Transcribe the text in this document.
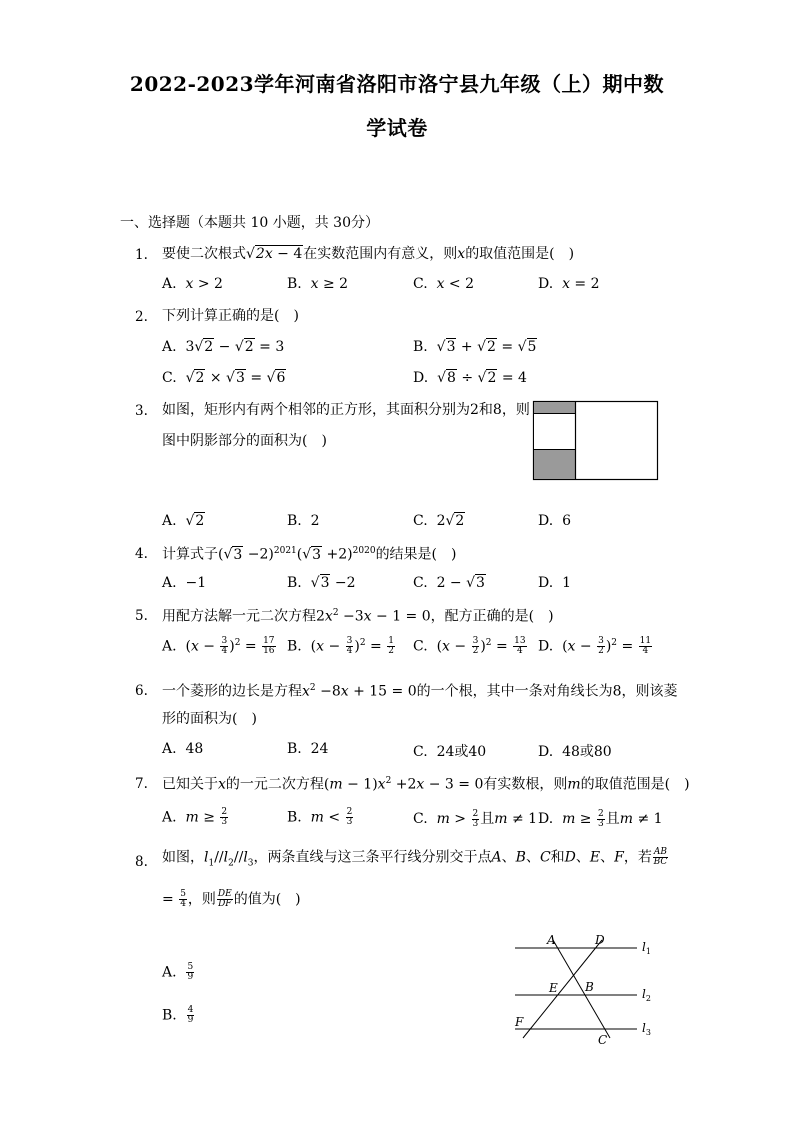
2022-2023学年河南省洛阳市洛宁县九年级（上）期中数
学试卷
一、选择题（本题共 10 小题，共 30分）
1. 要使二次根式√2x − 4在实数范围内有意义，则x的取值范围是(　)
A.  x > 2	B.  x ≥ 2	C.  x < 2	D.  x = 2
2. 下列计算正确的是(　)
A.  3√2 − √2 = 3	B.  √3 + √2 = √5
C.  √2 × √3 = √6	D.  √8 ÷ √2 = 4
3. 如图，矩形内有两个相邻的正方形，其面积分别为2和8，则
图中阴影部分的面积为(　)
A.  √2	B.  2	C.  2√2	D.  6
4. 计算式子$(√3 -2)^{2021}(√3 +2)^{2020}$的结果是(　)
A.  −1	B.  √3 −2	C.  2 − √3	D.  1
5. 用配方法解一元二次方程$2x^2 -3x - 1 = 0$，配方正确的是(　)
A.  $(x - \frac{3}{4} )^2 = \frac{17}{16} B$.  $(x - \frac{3}{4} )^2 = \frac{1}{2} C$.  $(x - \frac{3}{2} )^2 = \frac{13}{4} D$.  $(x - \frac{3}{2} )^2 = \frac{11}{4}$
6. 一个菱形的边长是方程$x^2 -8x + 15 = 0$的一个根，其中一条对角线长为8，则该菱
形的面积为(　)
A.  48	B.  24	C.  24或40	D.  48或80
7. 已知关于x的一元二次方程$(m - 1)x^2 +2x - 3 = 0$有实数根，则m的取值范围是(　)
A.  $m \ge \frac{2}{3}$	B.  $m < \frac{2}{3}$	C.  $m > \frac{2}{3}$ 且m ≠ 1 D.  $m \ge \frac{2}{3}$ 且m ≠ 1
8. 如图，$l_1//l_2//l_3$，两条直线与这三条平行线分别交于点A、B、C和D、E、F，若 $\frac{AB}{BC}$
= $\frac{5}{4}$ ，则 $\frac{DE}{DF}$ 的值为(　)
A. $\frac{5}{9}$
B. $\frac{4}{9}$
A	D
E B
F
C
$l_1$
$l_2$
$l_3$
